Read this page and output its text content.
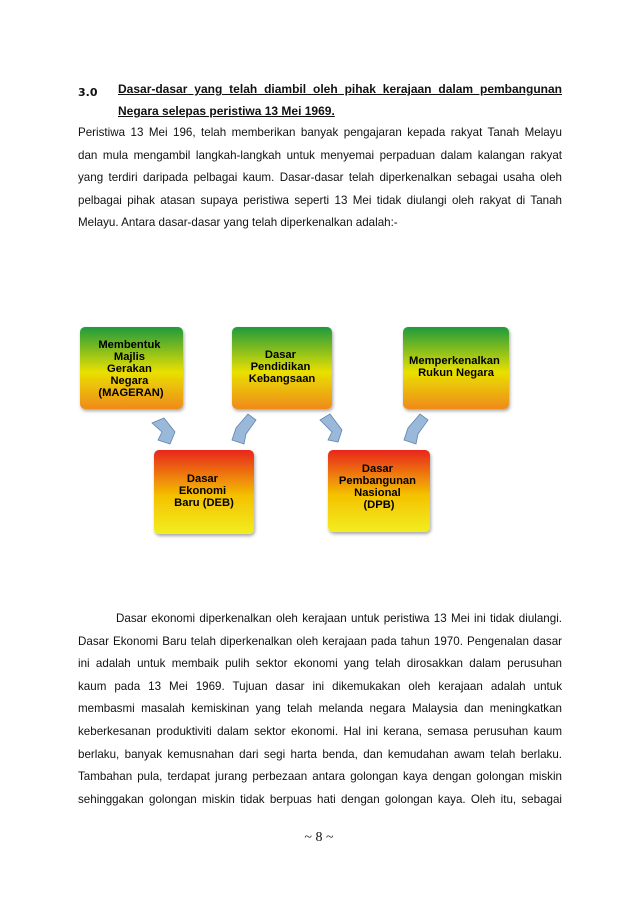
3.0 Dasar-dasar yang telah diambil oleh pihak kerajaan dalam pembangunan
Negara selepas peristiwa 13 Mei 1969.
Peristiwa 13 Mei 196, telah memberikan banyak pengajaran kepada rakyat Tanah Melayu
dan mula mengambil langkah-langkah untuk menyemai perpaduan dalam kalangan rakyat
yang terdiri daripada pelbagai kaum. Dasar-dasar telah diperkenalkan sebagai usaha oleh
pelbagai pihak atasan supaya peristiwa seperti 13 Mei tidak diulangi oleh rakyat di Tanah
Melayu. Antara dasar-dasar yang telah diperkenalkan adalah:-
Membentuk Majlis Gerakan Negara (MAGERAN)
Dasar Ekonomi Baru (DEB)
Dasar Pendidikan Kebangsaan
Dasar Pembangunan Nasional (DPB)
Memperkenalkan Rukun Negara
Dasar ekonomi diperkenalkan oleh kerajaan untuk peristiwa 13 Mei ini tidak diulangi.
Dasar Ekonomi Baru telah diperkenalkan oleh kerajaan pada tahun 1970. Pengenalan dasar
ini adalah untuk membaik pulih sektor ekonomi yang telah dirosakkan dalam perusuhan
kaum pada 13 Mei 1969. Tujuan dasar ini dikemukakan oleh kerajaan adalah untuk
membasmi masalah kemiskinan yang telah melanda negara Malaysia dan meningkatkan
keberkesanan produktiviti dalam sektor ekonomi. Hal ini kerana, semasa perusuhan kaum
berlaku, banyak kemusnahan dari segi harta benda, dan kemudahan awam telah berlaku.
Tambahan pula, terdapat jurang perbezaan antara golongan kaya dengan golongan miskin
sehinggakan golongan miskin tidak berpuas hati dengan golongan kaya. Oleh itu, sebagai
~ 8 ~
